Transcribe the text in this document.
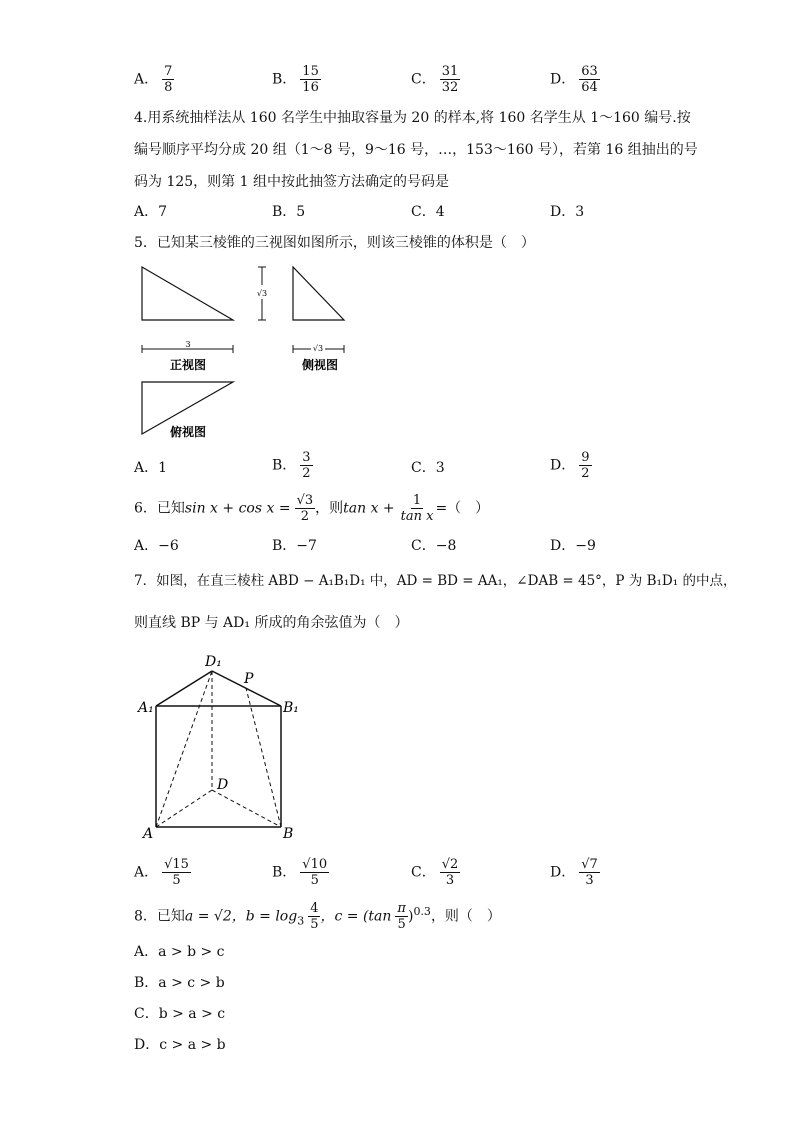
A． $\frac{7}{8}$	B． $\frac{15}{16}$	C． $\frac{31}{32}$	D． $\frac{63}{64}$
4.用系统抽样法从 160 名学生中抽取容量为 20 的样本,将 160 名学生从 1～160 编号.按
编号顺序平均分成 20 组（1～8 号，9～16 号，…，153～160 号），若第 16 组抽出的号
码为 125，则第 1 组中按此抽签方法确定的号码是
A．7	B．5	C．4	D．3
5．已知某三棱锥的三视图如图所示，则该三棱锥的体积是（　）
3
正视图
√3
√3
侧视图
俯视图
A．1	B． $\frac{3}{2}$	C．3	D． $\frac{9}{2}$
6．已知$\sin x + \cos x = \frac{√3}{2}$ ，则$\tan x + \frac{1}{\text{tan x}}$ =（　）
A．−6	B．−7	C．−8	D．−9
7．如图，在直三棱柱 ABD − A₁B₁D₁ 中，AD = BD = AA₁，∠DAB = 45°，P 为 B₁D₁ 的中点，
则直线 BP 与 AD₁ 所成的角余弦值为（　）
D₁
P
A₁	B₁
D
A	B
A． $\frac{√15}{5}$	B． $\frac{√10}{5}$	C． $\frac{√2}{3}$	D． $\frac{√7}{3}$
8．已知a = √2，$b = \log_3 \frac{4}{5}$ ，$c = (\tan \frac{\pi}{5} )^{0.3}$，则（　）
A．a > b > c
B．a > c > b
C．b > a > c
D．c > a > b
